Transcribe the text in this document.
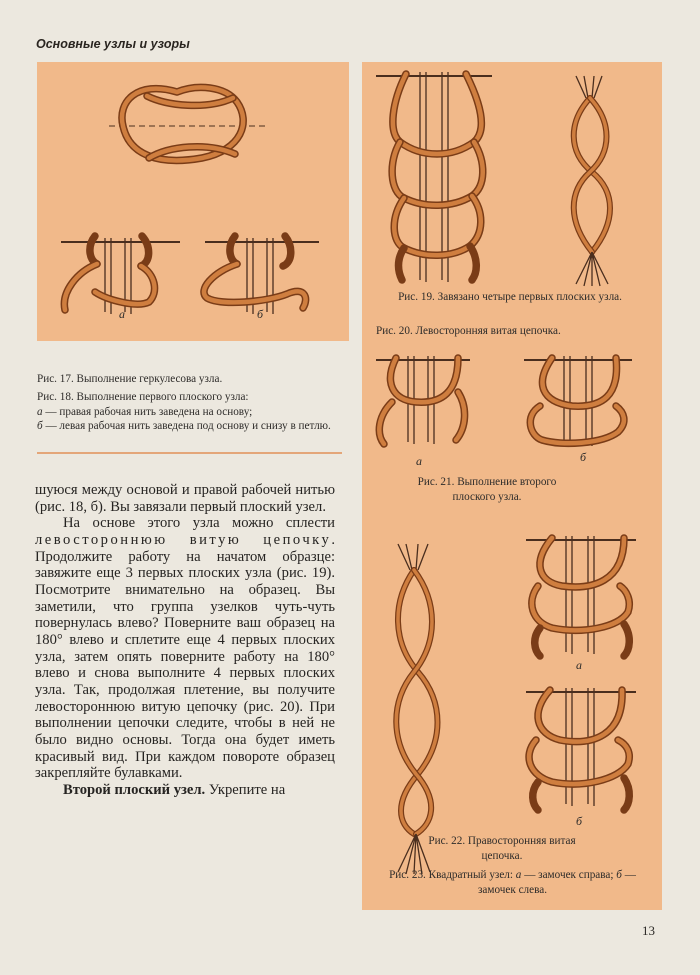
Основные узлы и узоры
а	б
Рис. 17. Выполнение геркулесова узла.
Рис. 18. Выполнение первого плоского узла:
а — правая рабочая нить заведена на основу;
б — левая рабочая нить заведена под основу и снизу в петлю.
Рис. 19. Завязано четыре первых плоских узла.
Рис. 20. Левосторонняя витая цепочка.
а	б
Рис. 21. Выполнение второго плоского узла.
а
б
Рис. 22. Правосторонняя витая цепочка.
Рис. 23. Квадратный узел: а — замочек справа; б — замочек слева.

шуюся между основой и правой рабочей нитью (рис. 18, б). Вы завязали первый плоский узел.

На основе этого узла можно сплести левостороннюю витую цепочку. Продолжите работу на начатом образце: завяжите еще 3 первых плоских узла (рис. 19). Посмотрите внимательно на образец. Вы заметили, что группа узелков чуть-чуть повернулась влево? Поверните ваш образец на 180° влево и сплетите еще 4 первых плоских узла, затем опять поверните работу на 180° влево и снова выполните 4 первых плоских узла. Так, продолжая плетение, вы получите левостороннюю витую цепочку (рис. 20). При выполнении цепочки следите, чтобы в ней не было видно основы. Тогда она будет иметь красивый вид. При каждом повороте образец закрепляйте булавками.

Второй плоский узел. Укрепите на

13
